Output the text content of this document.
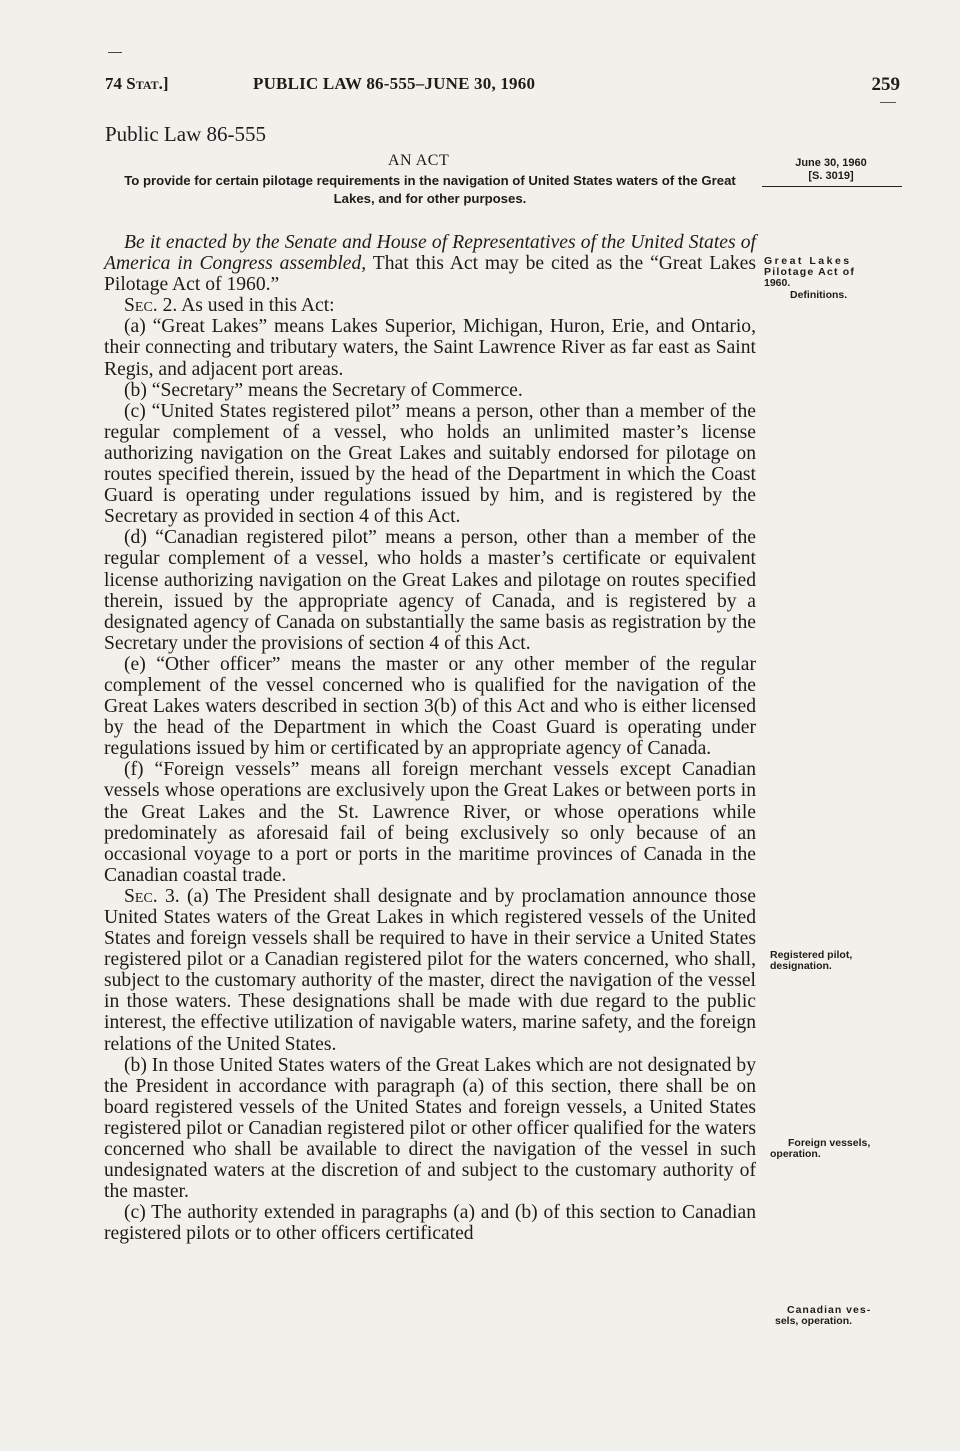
74 Stat.]	PUBLIC LAW 86-555–JUNE 30, 1960	259
Public Law 86-555
AN ACT
To provide for certain pilotage requirements in the navigation of United States waters of the Great Lakes, and for other purposes.
June 30, 1960
[S. 3019]

Be it enacted by the Senate and House of Representatives of the United States of America in Congress assembled, That this Act may be cited as the “Great Lakes Pilotage Act of 1960.”

Sec. 2. As used in this Act:

(a) “Great Lakes” means Lakes Superior, Michigan, Huron, Erie, and Ontario, their connecting and tributary waters, the Saint Lawrence River as far east as Saint Regis, and adjacent port areas.

(b) “Secretary” means the Secretary of Commerce.

(c) “United States registered pilot” means a person, other than a member of the regular complement of a vessel, who holds an unlimited master’s license authorizing navigation on the Great Lakes and suitably endorsed for pilotage on routes specified therein, issued by the head of the Department in which the Coast Guard is operating under regulations issued by him, and is registered by the Secretary as provided in section 4 of this Act.

(d) “Canadian registered pilot” means a person, other than a member of the regular complement of a vessel, who holds a master’s certificate or equivalent license authorizing navigation on the Great Lakes and pilotage on routes specified therein, issued by the appropriate agency of Canada, and is registered by a designated agency of Canada on substantially the same basis as registration by the Secretary under the provisions of section 4 of this Act.

(e) “Other officer” means the master or any other member of the regular complement of the vessel concerned who is qualified for the navigation of the Great Lakes waters described in section 3(b) of this Act and who is either licensed by the head of the Department in which the Coast Guard is operating under regulations issued by him or certificated by an appropriate agency of Canada.

(f) “Foreign vessels” means all foreign merchant vessels except Canadian vessels whose operations are exclusively upon the Great Lakes or between ports in the Great Lakes and the St. Lawrence River, or whose operations while predominately as aforesaid fail of being exclusively so only because of an occasional voyage to a port or ports in the maritime provinces of Canada in the Canadian coastal trade.

Sec. 3. (a) The President shall designate and by proclamation announce those United States waters of the Great Lakes in which registered vessels of the United States and foreign vessels shall be required to have in their service a United States registered pilot or a Canadian registered pilot for the waters concerned, who shall, subject to the customary authority of the master, direct the navigation of the vessel in those waters. These designations shall be made with due regard to the public interest, the effective utilization of navigable waters, marine safety, and the foreign relations of the United States.

(b) In those United States waters of the Great Lakes which are not designated by the President in accordance with paragraph (a) of this section, there shall be on board registered vessels of the United States and foreign vessels, a United States registered pilot or Canadian registered pilot or other officer qualified for the waters concerned who shall be available to direct the navigation of the vessel in such undesignated waters at the discretion of and subject to the customary authority of the master.

(c) The authority extended in paragraphs (a) and (b) of this section to Canadian registered pilots or to other officers certificated

Great Lakes
Pilotage Act of
1960.
Definitions.
Registered pilot,
designation.
Foreign vessels,
operation.
Canadian ves-
sels, operation.
